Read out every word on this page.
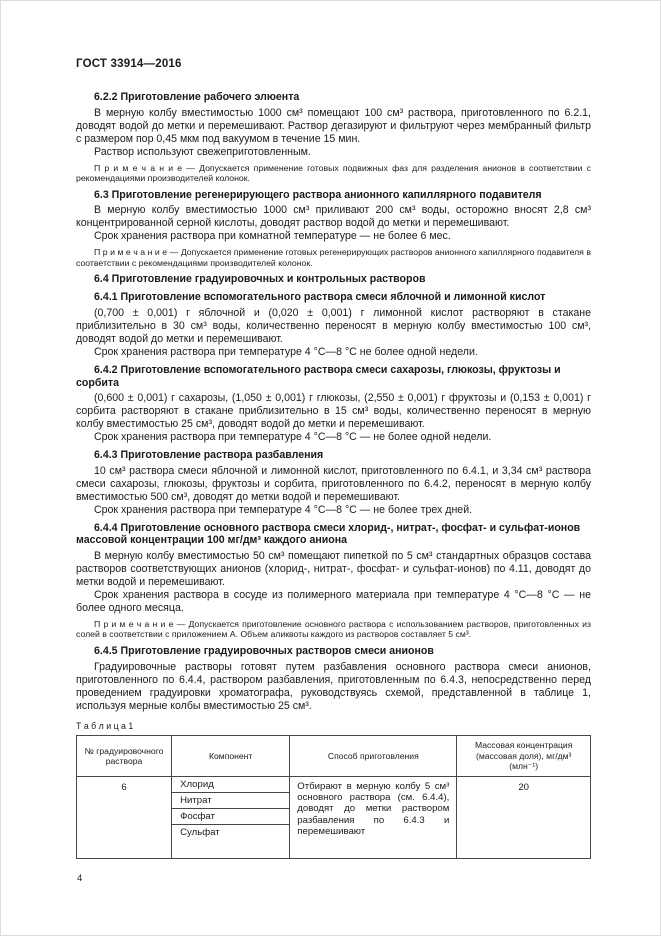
ГОСТ 33914—2016
6.2.2 Приготовление рабочего элюента
В мерную колбу вместимостью 1000 см³ помещают 100 см³ раствора, приготовленного по 6.2.1, доводят водой до метки и перемешивают. Раствор дегазируют и фильтруют через мембранный фильтр с размером пор 0,45 мкм под вакуумом в течение 15 мин.
Раствор используют свежеприготовленным.
П р и м е ч а н и е — Допускается применение готовых подвижных фаз для разделения анионов в соответствии с рекомендациями производителей колонок.
6.3 Приготовление регенерирующего раствора анионного капиллярного подавителя
В мерную колбу вместимостью 1000 см³ приливают 200 см³ воды, осторожно вносят 2,8 см³ концентрированной серной кислоты, доводят раствор водой до метки и перемешивают.
Срок хранения раствора при комнатной температуре — не более 6 мес.
П р и м е ч а н и е — Допускается применение готовых регенерирующих растворов анионного капиллярного подавителя в соответствии с рекомендациями производителей колонок.
6.4 Приготовление градуировочных и контрольных растворов
6.4.1 Приготовление вспомогательного раствора смеси яблочной и лимонной кислот
(0,700 ± 0,001) г яблочной и (0,020 ± 0,001) г лимонной кислот растворяют в стакане приблизительно в 30 см³ воды, количественно переносят в мерную колбу вместимостью 100 см³, доводят водой до метки и перемешивают.
Срок хранения раствора при температуре 4 °С—8 °С не более одной недели.
6.4.2 Приготовление вспомогательного раствора смеси сахарозы, глюкозы, фруктозы и сорбита
(0,600 ± 0,001) г сахарозы, (1,050 ± 0,001) г глюкозы, (2,550 ± 0,001) г фруктозы и (0,153 ± 0,001) г сорбита растворяют в стакане приблизительно в 15 см³ воды, количественно переносят в мерную колбу вместимостью 25 см³, доводят водой до метки и перемешивают.
Срок хранения раствора при температуре 4 °С—8 °С — не более одной недели.
6.4.3 Приготовление раствора разбавления
10 см³ раствора смеси яблочной и лимонной кислот, приготовленного по 6.4.1, и 3,34 см³ раствора смеси сахарозы, глюкозы, фруктозы и сорбита, приготовленного по 6.4.2, переносят в мерную колбу вместимостью 500 см³, доводят до метки водой и перемешивают.
Срок хранения раствора при температуре 4 °С—8 °С — не более трех дней.
6.4.4 Приготовление основного раствора смеси хлорид-, нитрат-, фосфат- и сульфат-ионов массовой концентрации 100 мг/дм³ каждого аниона
В мерную колбу вместимостью 50 см³ помещают пипеткой по 5 см³ стандартных образцов состава растворов соответствующих анионов (хлорид-, нитрат-, фосфат- и сульфат-ионов) по 4.11, доводят до метки водой и перемешивают.
Срок хранения раствора в сосуде из полимерного материала при температуре 4 °С—8 °С — не более одного месяца.
П р и м е ч а н и е — Допускается приготовление основного раствора с использованием растворов, приготовленных из солей в соответствии с приложением А. Объем аликвоты каждого из растворов составляет 5 см³.
6.4.5 Приготовление градуировочных растворов смеси анионов
Градуировочные растворы готовят путем разбавления основного раствора смеси анионов, приготовленного по 6.4.4, раствором разбавления, приготовленным по 6.4.3, непосредственно перед проведением градуировки хроматографа, руководствуясь схемой, представленной в таблице 1, используя мерные колбы вместимостью 25 см³.
Т а б л и ц а 1
№ градуировочного раствора	Компонент	Способ приготовления	Массовая концентрация (массовая доля), мг/дм³ (млн⁻¹)
6	Хлорид
Нитрат
Фосфат
Сульфат	Отбирают в мерную колбу 5 см³ основного раствора (см. 6.4.4), доводят до метки раствором разбавления по 6.4.3 и перемешивают	20
4
